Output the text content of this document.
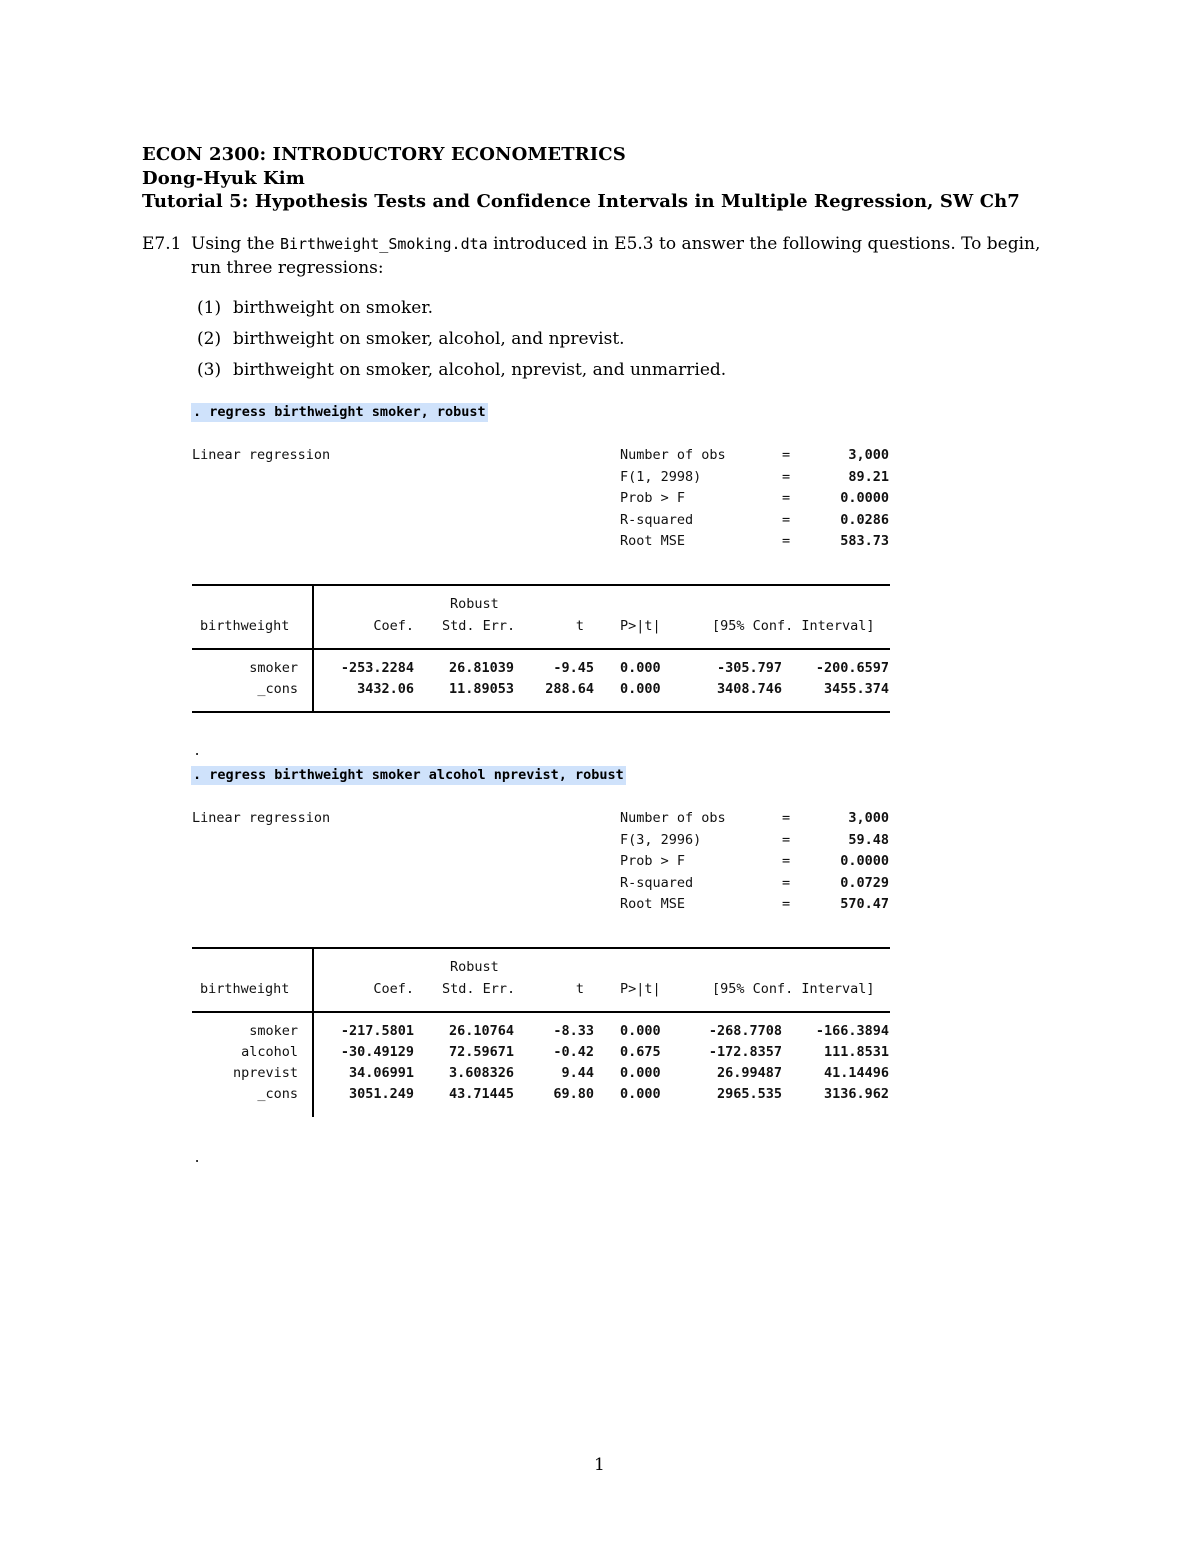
ECON 2300: INTRODUCTORY ECONOMETRICS
Dong-Hyuk Kim
Tutorial 5: Hypothesis Tests and Confidence Intervals in Multiple Regression, SW Ch7
E7.1 Using the Birthweight_Smoking.dta introduced in E5.3 to answer the following questions. To begin,
run three regressions:
(1) birthweight on smoker.
(2) birthweight on smoker, alcohol, and nprevist.
(3) birthweight on smoker, alcohol, nprevist, and unmarried.
. regress birthweight smoker, robust
Linear regression	Number of obs	=	3,000
F(1, 2998)	=	89.21
Prob > F	=	0.0000
R-squared	=	0.0286
Root MSE	=	583.73
Robust
birthweight	Coef. Std. Err.	t	P>|t|	[95% Conf. Interval]
smoker	-253.2284	26.81039	-9.45 0.000	-305.797	-200.6597
_cons	3432.06	11.89053	288.64 0.000	3408.746	3455.374
.
. regress birthweight smoker alcohol nprevist, robust
Linear regression	Number of obs	=	3,000
F(3, 2996)	=	59.48
Prob > F	=	0.0000
R-squared	=	0.0729
Root MSE	=	570.47
Robust
birthweight	Coef. Std. Err.	t	P>|t|	[95% Conf. Interval]
smoker	-217.5801	26.10764	-8.33 0.000	-268.7708	-166.3894
alcohol	-30.49129	72.59671	-0.42 0.675	-172.8357	111.8531
nprevist	34.06991	3.608326	9.44 0.000	26.99487	41.14496
_cons	3051.249	43.71445	69.80 0.000	2965.535	3136.962
.
1
